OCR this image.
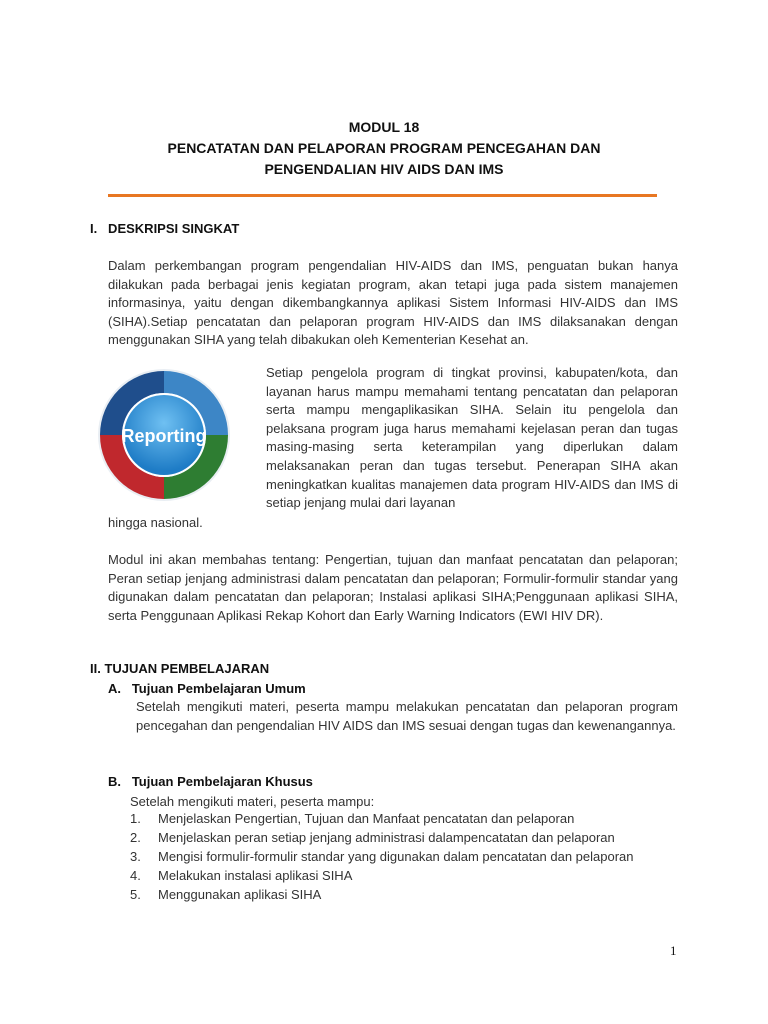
MODUL 18
PENCATATAN DAN PELAPORAN PROGRAM PENCEGAHAN DAN
PENGENDALIAN HIV AIDS DAN IMS
I.   DESKRIPSI SINGKAT
Dalam perkembangan program pengendalian HIV-AIDS dan IMS, penguatan bukan hanya dilakukan pada berbagai jenis kegiatan program, akan tetapi juga pada sistem manajemen informasinya, yaitu dengan dikembangkannya aplikasi Sistem Informasi HIV-AIDS dan IMS (SIHA).Setiap pencatatan dan pelaporan program HIV-AIDS dan IMS dilaksanakan dengan menggunakan SIHA yang telah dibakukan oleh Kementerian Kesehat an.
Reporting
Setiap pengelola program di tingkat provinsi, kabupaten/kota, dan layanan harus mampu memahami tentang pencatatan dan pelaporan serta mampu mengaplikasikan SIHA. Selain itu pengelola dan pelaksana program juga harus memahami kejelasan peran dan tugas masing-masing serta keterampilan yang diperlukan dalam melaksanakan peran dan tugas tersebut. Penerapan SIHA akan meningkatkan kualitas manajemen data program HIV-AIDS dan IMS di setiap jenjang mulai dari layanan
hingga nasional.
Modul ini akan membahas tentang: Pengertian, tujuan dan manfaat pencatatan dan pelaporan; Peran setiap jenjang administrasi dalam pencatatan dan pelaporan; Formulir-formulir standar yang digunakan dalam pencatatan dan pelaporan; Instalasi aplikasi SIHA;Penggunaan aplikasi SIHA, serta Penggunaan Aplikasi Rekap Kohort dan Early Warning Indicators (EWI HIV DR).
II. TUJUAN PEMBELAJARAN
A.   Tujuan Pembelajaran Umum
Setelah mengikuti materi, peserta mampu melakukan pencatatan dan pelaporan program pencegahan dan pengendalian HIV AIDS dan IMS sesuai dengan tugas dan kewenangannya.
B.   Tujuan Pembelajaran Khusus
Setelah mengikuti materi, peserta mampu:
1. Menjelaskan Pengertian, Tujuan dan Manfaat pencatatan dan pelaporan
2. Menjelaskan peran setiap jenjang administrasi dalampencatatan dan pelaporan
3. Mengisi formulir-formulir standar yang digunakan dalam pencatatan dan pelaporan
4. Melakukan instalasi aplikasi SIHA
5. Menggunakan aplikasi SIHA
1
